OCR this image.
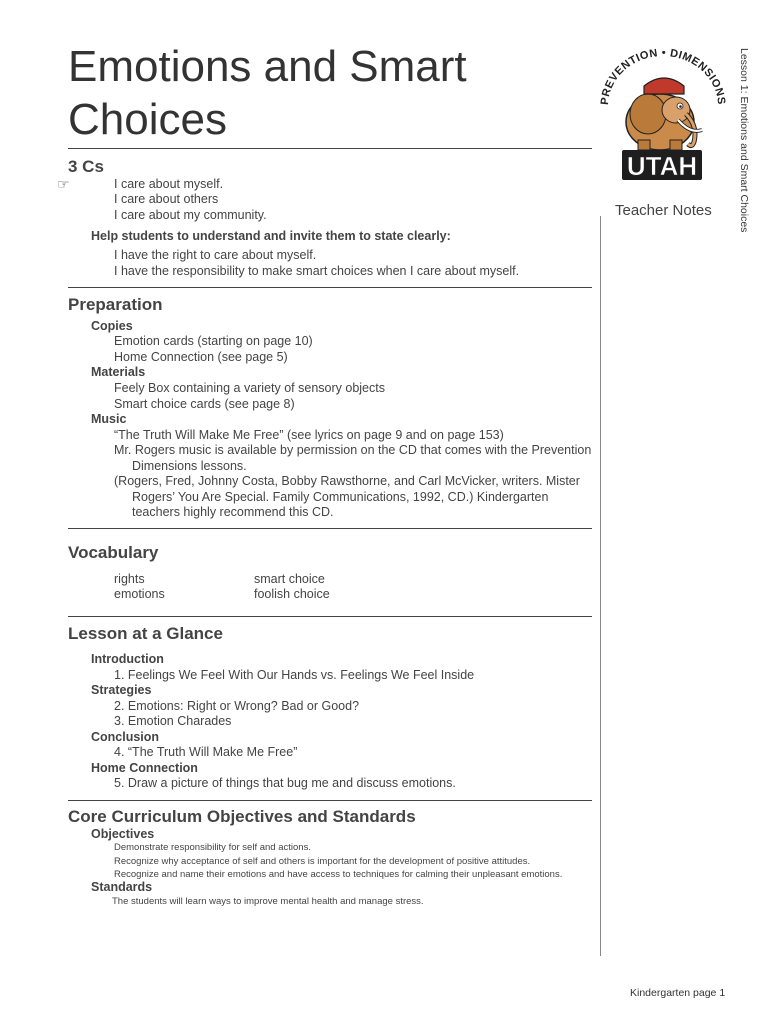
Emotions and Smart
Choices	Lesson 1: Emotions and Smart Choices
PREVENTION • DIMENSIONS
UTAH
Teacher Notes
3 Cs
☞	I care about myself.
I care about others
I care about my community.
Help students to understand and invite them to state clearly:
I have the right to care about myself.
I have the responsibility to make smart choices when I care about myself.
Preparation
Copies
Emotion cards (starting on page 10)
Home Connection (see page 5)
Materials
Feely Box containing a variety of sensory objects
Smart choice cards (see page 8)
Music
“The Truth Will Make Me Free” (see lyrics on page 9 and on page 153)
Mr. Rogers music is available by permission on the CD that comes with the Prevention
Dimensions lessons.
(Rogers, Fred, Johnny Costa, Bobby Rawsthorne, and Carl McVicker, writers. Mister
Rogers’ You Are Special. Family Communications, 1992, CD.) Kindergarten
teachers highly recommend this CD.
Vocabulary
rights
emotions
smart choice
foolish choice
Lesson at a Glance
Introduction
1. Feelings We Feel With Our Hands vs. Feelings We Feel Inside
Strategies
2. Emotions: Right or Wrong? Bad or Good?
3. Emotion Charades
Conclusion
4. “The Truth Will Make Me Free”
Home Connection
5. Draw a picture of things that bug me and discuss emotions.
Core Curriculum Objectives and Standards
Objectives
Demonstrate responsibility for self and actions.
Recognize why acceptance of self and others is important for the development of positive attitudes.
Recognize and name their emotions and have access to techniques for calming their unpleasant emotions.
Standards
The students will learn ways to improve mental health and manage stress.
Kindergarten page 1
